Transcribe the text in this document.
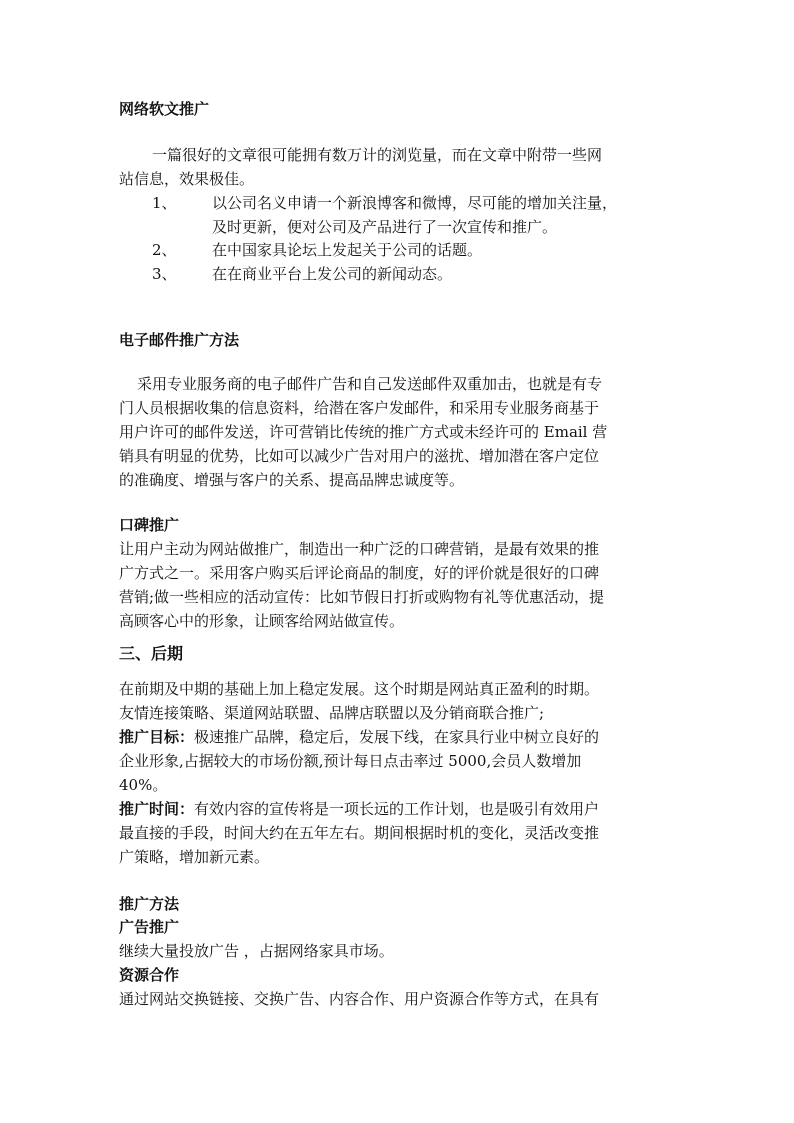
网络软文推广
一篇很好的文章很可能拥有数万计的浏览量，而在文章中附带一些网
站信息，效果极佳。
1、 以公司名义申请一个新浪博客和微博，尽可能的增加关注量，
及时更新，便对公司及产品进行了一次宣传和推广。
2、 在中国家具论坛上发起关于公司的话题。
3、 在在商业平台上发公司的新闻动态。
电子邮件推广方法
采用专业服务商的电子邮件广告和自己发送邮件双重加击，也就是有专
门人员根据收集的信息资料，给潜在客户发邮件，和采用专业服务商基于
用户许可的邮件发送，许可营销比传统的推广方式或未经许可的 Email 营
销具有明显的优势，比如可以减少广告对用户的滋扰、增加潜在客户定位
的准确度、增强与客户的关系、提高品牌忠诚度等。
口碑推广
让用户主动为网站做推广，制造出一种广泛的口碑营销，是最有效果的推
广方式之一。采用客户购买后评论商品的制度，好的评价就是很好的口碑
营销;做一些相应的活动宣传：比如节假日打折或购物有礼等优惠活动，提
高顾客心中的形象，让顾客给网站做宣传。
三、后期
在前期及中期的基础上加上稳定发展。这个时期是网站真正盈利的时期。
友情连接策略、渠道网站联盟、品牌店联盟以及分销商联合推广;
推广目标：极速推广品牌，稳定后，发展下线，在家具行业中树立良好的
企业形象,占据较大的市场份额,预计每日点击率过 5000,会员人数增加
40%。
推广时间：有效内容的宣传将是一项长远的工作计划，也是吸引有效用户
最直接的手段，时间大约在五年左右。期间根据时机的变化，灵活改变推
广策略，增加新元素。
推广方法
广告推广
继续大量投放广告 ，占据网络家具市场。
资源合作
通过网站交换链接、交换广告、内容合作、用户资源合作等方式，在具有
